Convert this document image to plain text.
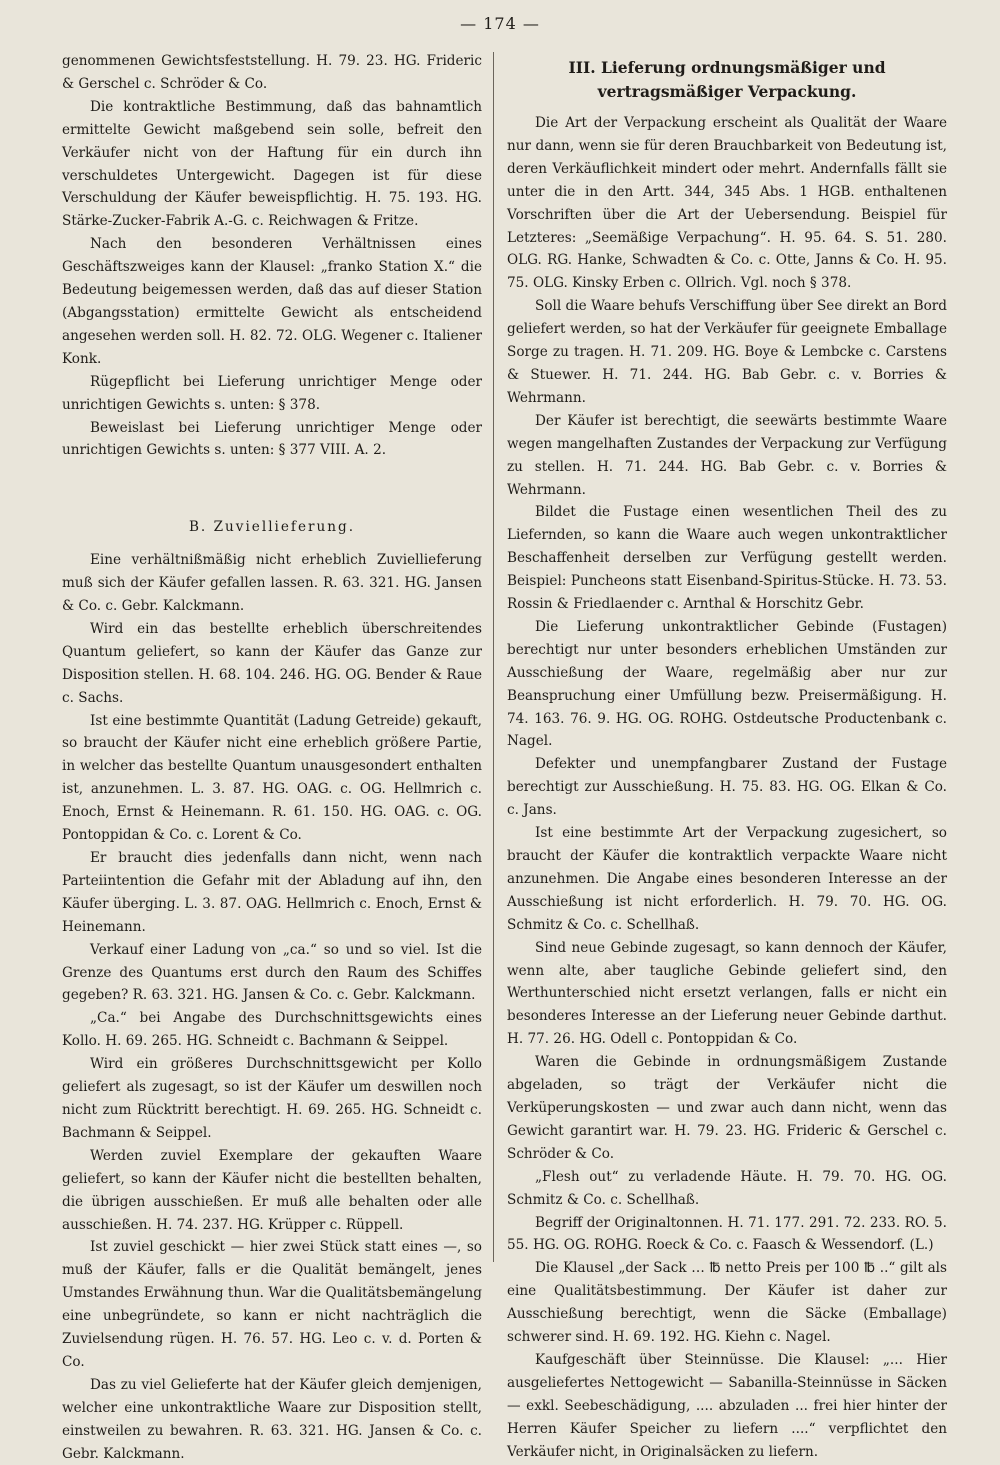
— 174 —

genommenen Gewichtsfeststellung. H. 79. 23. HG. Frideric & Gerschel c. Schröder & Co.

Die kontraktliche Bestimmung, daß das bahnamtlich ermittelte Gewicht maßgebend sein solle, befreit den Verkäufer nicht von der Haftung für ein durch ihn verschuldetes Untergewicht. Dagegen ist für diese Verschuldung der Käufer beweispflichtig. H. 75. 193. HG. Stärke-Zucker-Fabrik A.-G. c. Reichwagen & Fritze.

Nach den besonderen Verhältnissen eines Geschäftszweiges kann der Klausel: „franko Station X.“ die Bedeutung beigemessen werden, daß das auf dieser Station (Abgangsstation) ermittelte Gewicht als entscheidend angesehen werden soll. H. 82. 72. OLG. Wegener c. Italiener Konk.

Rügepflicht bei Lieferung unrichtiger Menge oder unrichtigen Gewichts s. unten: § 378.

Beweislast bei Lieferung unrichtiger Menge oder unrichtigen Gewichts s. unten: § 377 VIII. A. 2.

B. Zuviellieferung.

Eine verhältnißmäßig nicht erheblich Zuviellieferung muß sich der Käufer gefallen lassen. R. 63. 321. HG. Jansen & Co. c. Gebr. Kalckmann.

Wird ein das bestellte erheblich überschreitendes Quantum geliefert, so kann der Käufer das Ganze zur Disposition stellen. H. 68. 104. 246. HG. OG. Bender & Raue c. Sachs.

Ist eine bestimmte Quantität (Ladung Getreide) gekauft, so braucht der Käufer nicht eine erheblich größere Partie, in welcher das bestellte Quantum unausgesondert enthalten ist, anzunehmen. L. 3. 87. HG. OAG. c. OG. Hellmrich c. Enoch, Ernst & Heinemann. R. 61. 150. HG. OAG. c. OG. Pontoppidan & Co. c. Lorent & Co.

Er braucht dies jedenfalls dann nicht, wenn nach Parteiintention die Gefahr mit der Abladung auf ihn, den Käufer überging. L. 3. 87. OAG. Hellmrich c. Enoch, Ernst & Heinemann.

Verkauf einer Ladung von „ca.“ so und so viel. Ist die Grenze des Quantums erst durch den Raum des Schiffes gegeben? R. 63. 321. HG. Jansen & Co. c. Gebr. Kalckmann.

„Ca.“ bei Angabe des Durchschnittsgewichts eines Kollo. H. 69. 265. HG. Schneidt c. Bachmann & Seippel.

Wird ein größeres Durchschnittsgewicht per Kollo geliefert als zugesagt, so ist der Käufer um deswillen noch nicht zum Rücktritt berechtigt. H. 69. 265. HG. Schneidt c. Bachmann & Seippel.

Werden zuviel Exemplare der gekauften Waare geliefert, so kann der Käufer nicht die bestellten behalten, die übrigen ausschießen. Er muß alle behalten oder alle ausschießen. H. 74. 237. HG. Krüpper c. Rüppell.

Ist zuviel geschickt — hier zwei Stück statt eines —, so muß der Käufer, falls er die Qualität bemängelt, jenes Umstandes Erwähnung thun. War die Qualitätsbemängelung eine unbegründete, so kann er nicht nachträglich die Zuvielsendung rügen. H. 76. 57. HG. Leo c. v. d. Porten & Co.

Das zu viel Gelieferte hat der Käufer gleich demjenigen, welcher eine unkontraktliche Waare zur Disposition stellt, einstweilen zu bewahren. R. 63. 321. HG. Jansen & Co. c. Gebr. Kalckmann.

III. Lieferung ordnungsmäßiger und vertragsmäßiger Verpackung.

Die Art der Verpackung erscheint als Qualität der Waare nur dann, wenn sie für deren Brauchbarkeit von Bedeutung ist, deren Verkäuflichkeit mindert oder mehrt. Andernfalls fällt sie unter die in den Artt. 344, 345 Abs. 1 HGB. enthaltenen Vorschriften über die Art der Uebersendung. Beispiel für Letzteres: „Seemäßige Verpachung“. H. 95. 64. S. 51. 280. OLG. RG. Hanke, Schwadten & Co. c. Otte, Janns & Co. H. 95. 75. OLG. Kinsky Erben c. Ollrich. Vgl. noch § 378.

Soll die Waare behufs Verschiffung über See direkt an Bord geliefert werden, so hat der Verkäufer für geeignete Emballage Sorge zu tragen. H. 71. 209. HG. Boye & Lembcke c. Carstens & Stuewer. H. 71. 244. HG. Bab Gebr. c. v. Borries & Wehrmann.

Der Käufer ist berechtigt, die seewärts bestimmte Waare wegen mangelhaften Zustandes der Verpackung zur Verfügung zu stellen. H. 71. 244. HG. Bab Gebr. c. v. Borries & Wehrmann.

Bildet die Fustage einen wesentlichen Theil des zu Liefernden, so kann die Waare auch wegen unkontraktlicher Beschaffenheit derselben zur Verfügung gestellt werden. Beispiel: Puncheons statt Eisenband-Spiritus-Stücke. H. 73. 53. Rossin & Friedlaender c. Arnthal & Horschitz Gebr.

Die Lieferung unkontraktlicher Gebinde (Fustagen) berechtigt nur unter besonders erheblichen Umständen zur Ausschießung der Waare, regelmäßig aber nur zur Beanspruchung einer Umfüllung bezw. Preisermäßigung. H. 74. 163. 76. 9. HG. OG. ROHG. Ostdeutsche Productenbank c. Nagel.

Defekter und unempfangbarer Zustand der Fustage berechtigt zur Ausschießung. H. 75. 83. HG. OG. Elkan & Co. c. Jans.

Ist eine bestimmte Art der Verpackung zugesichert, so braucht der Käufer die kontraktlich verpackte Waare nicht anzunehmen. Die Angabe eines besonderen Interesse an der Ausschießung ist nicht erforderlich. H. 79. 70. HG. OG. Schmitz & Co. c. Schellhaß.

Sind neue Gebinde zugesagt, so kann dennoch der Käufer, wenn alte, aber taugliche Gebinde geliefert sind, den Werthunterschied nicht ersetzt verlangen, falls er nicht ein besonderes Interesse an der Lieferung neuer Gebinde darthut. H. 77. 26. HG. Odell c. Pontoppidan & Co.

Waren die Gebinde in ordnungsmäßigem Zustande abgeladen, so trägt der Verkäufer nicht die Verküperungskosten — und zwar auch dann nicht, wenn das Gewicht garantirt war. H. 79. 23. HG. Frideric & Gerschel c. Schröder & Co.

„Flesh out“ zu verladende Häute. H. 79. 70. HG. OG. Schmitz & Co. c. Schellhaß.

Begriff der Originaltonnen. H. 71. 177. 291. 72. 233. RO. 5. 55. HG. OG. ROHG. Roeck & Co. c. Faasch & Wessendorf. (L.)

Die Klausel „der Sack … ℔ netto Preis per 100 ℔ ..“ gilt als eine Qualitätsbestimmung. Der Käufer ist daher zur Ausschießung berechtigt, wenn die Säcke (Emballage) schwerer sind. H. 69. 192. HG. Kiehn c. Nagel.

Kaufgeschäft über Steinnüsse. Die Klausel: „... Hier ausgeliefertes Nettogewicht — Sabanilla-Steinnüsse in Säcken — exkl. Seebeschädigung, .... abzuladen ... frei hier hinter der Herren Käufer Speicher zu liefern ....“ verpflichtet den Verkäufer nicht, in Originalsäcken zu liefern.
